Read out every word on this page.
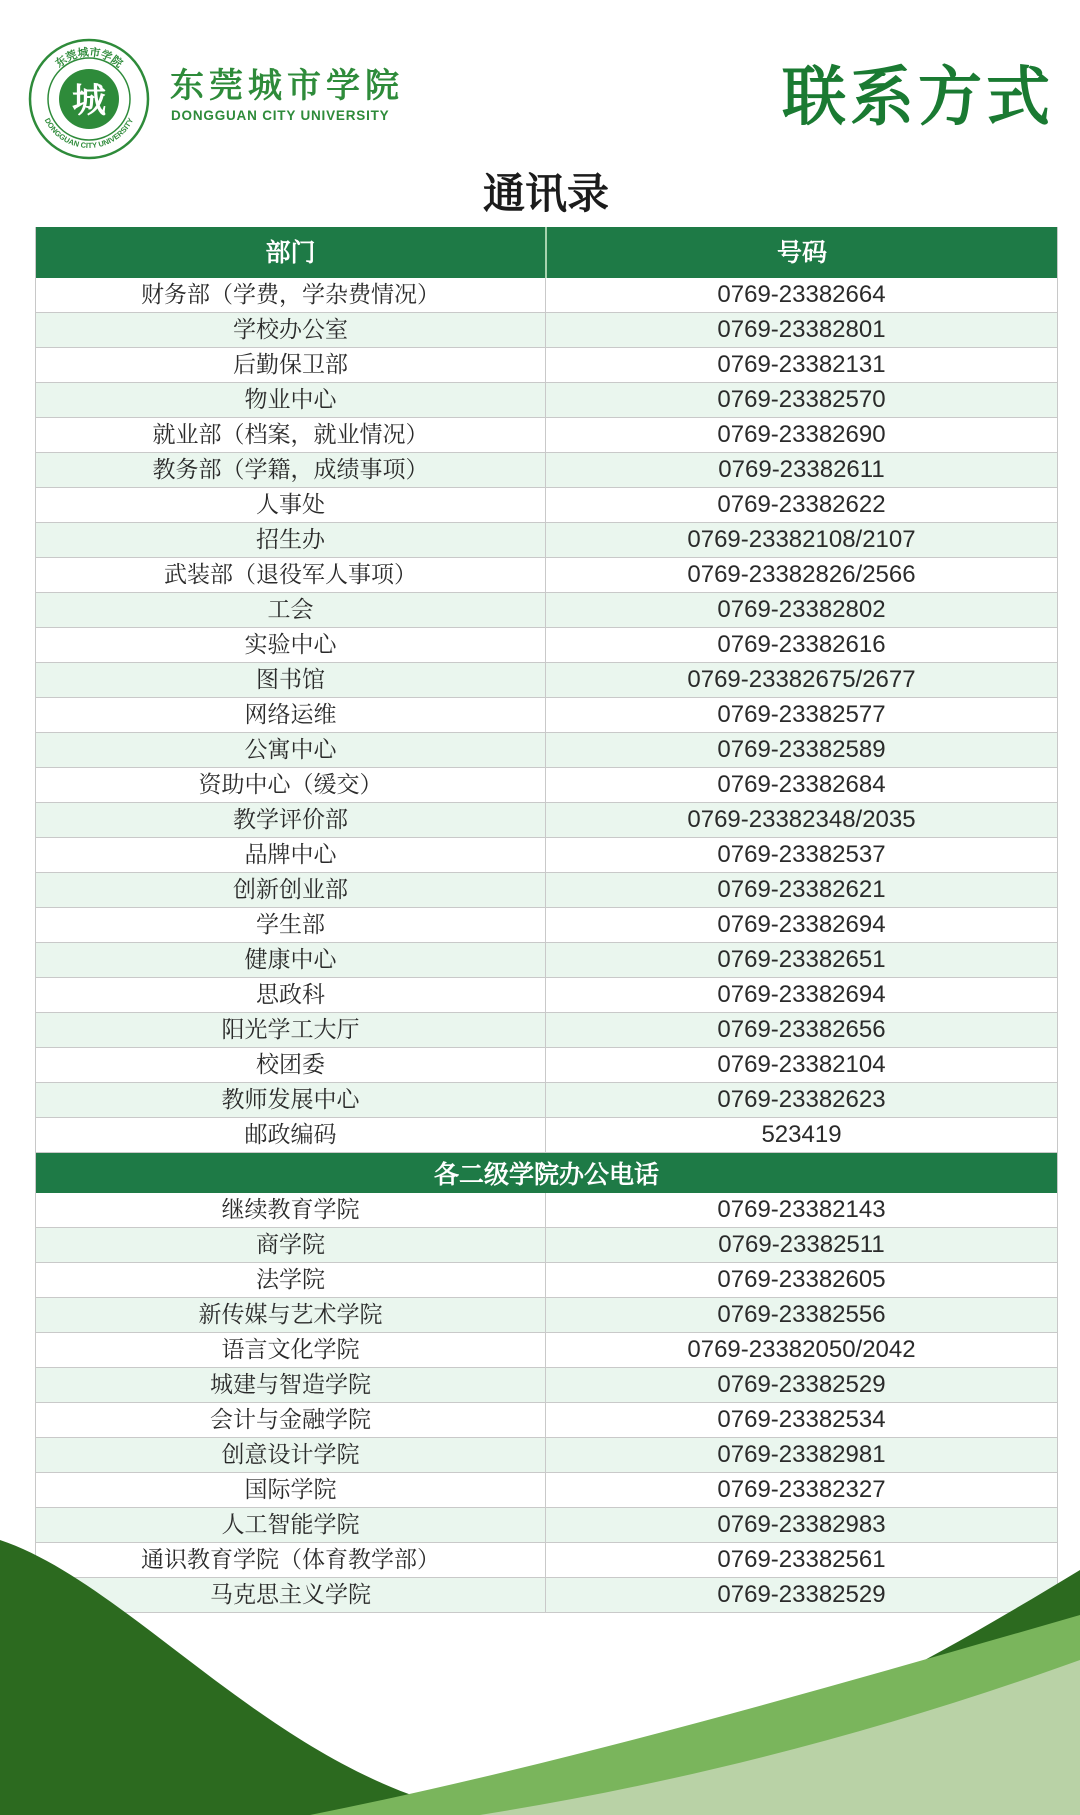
东莞城市学院
DONGGUAN CITY UNIVERSITY
城 东莞城市学院
DONGGUAN CITY UNIVERSITY	联系方式
通讯录
部门	号码
财务部（学费，学杂费情况）	0769-23382664
学校办公室	0769-23382801
后勤保卫部	0769-23382131
物业中心	0769-23382570
就业部（档案，就业情况）	0769-23382690
教务部（学籍，成绩事项）	0769-23382611
人事处	0769-23382622
招生办	0769-23382108/2107
武装部（退役军人事项）	0769-23382826/2566
工会	0769-23382802
实验中心	0769-23382616
图书馆	0769-23382675/2677
网络运维	0769-23382577
公寓中心	0769-23382589
资助中心（缓交）	0769-23382684
教学评价部	0769-23382348/2035
品牌中心	0769-23382537
创新创业部	0769-23382621
学生部	0769-23382694
健康中心	0769-23382651
思政科	0769-23382694
阳光学工大厅	0769-23382656
校团委	0769-23382104
教师发展中心	0769-23382623
邮政编码	523419
各二级学院办公电话
继续教育学院	0769-23382143
商学院	0769-23382511
法学院	0769-23382605
新传媒与艺术学院	0769-23382556
语言文化学院	0769-23382050/2042
城建与智造学院	0769-23382529
会计与金融学院	0769-23382534
创意设计学院	0769-23382981
国际学院	0769-23382327
人工智能学院	0769-23382983
通识教育学院（体育教学部）	0769-23382561
马克思主义学院	0769-23382529
